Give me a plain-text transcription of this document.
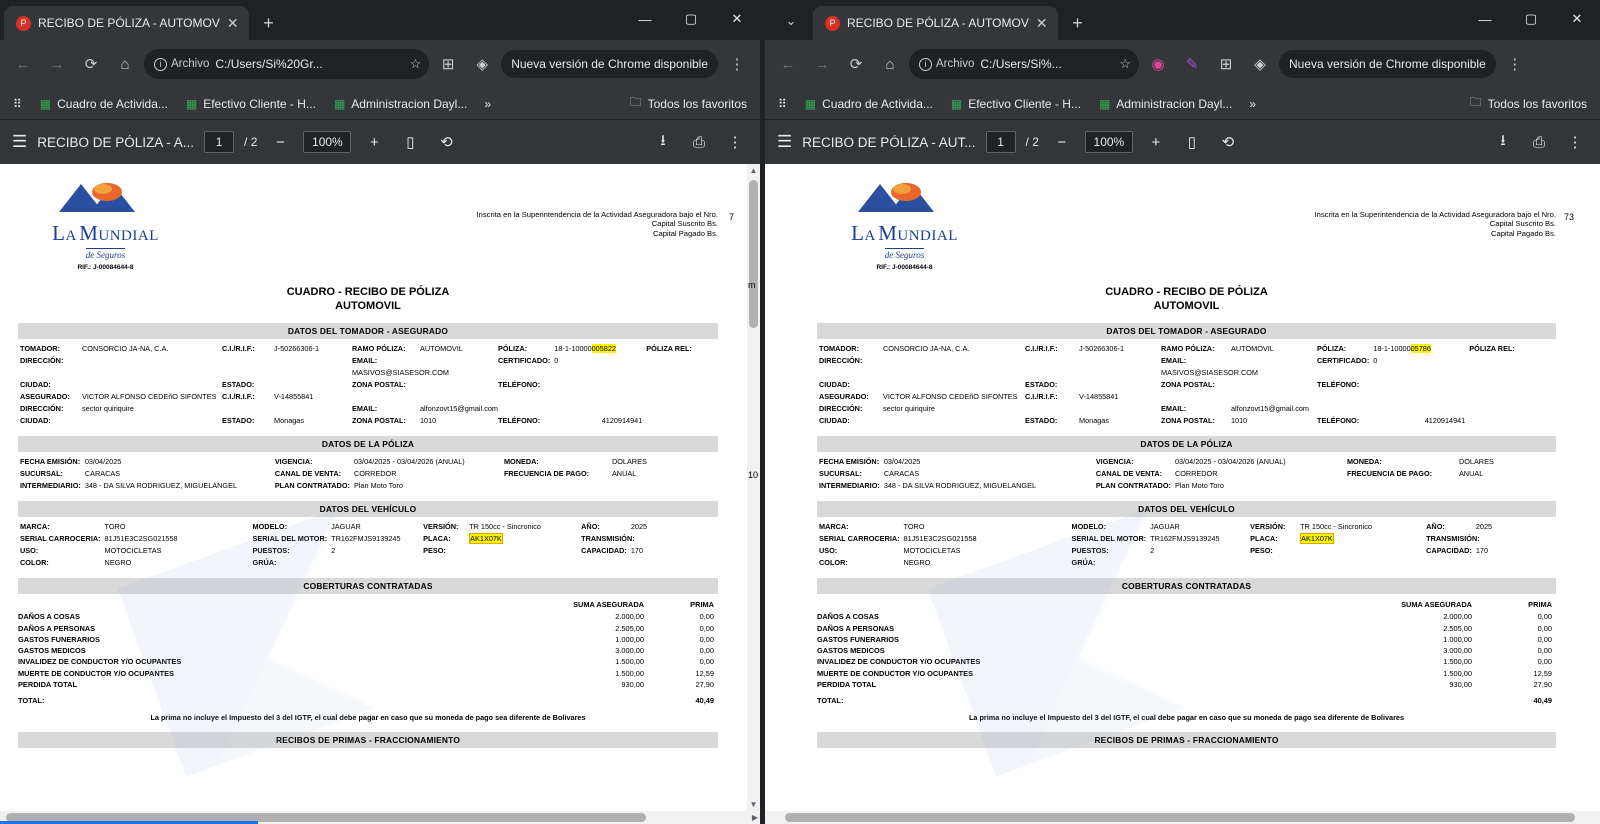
P RECIBO DE PÓLIZA - AUTOMOV ✕	+	—	▢	✕
←	→	⟳	⌂	i Archivo C:/Users/Si%20Gr...	☆	⊞	◈	Nueva versión de Chrome disponible	⋮
⠿	▦ Cuadro de Activida... ▦ Efectivo Cliente - H... ▦ Administracion Dayl...	»	🗀 Todos los favoritos
☰ RECIBO DE PÓLIZA - A...	1	/ 2	−	100%	+	▯	⟲	⭳	⎙	⋮
LA MUNDIAL
de Seguros
RIF.: J-00084644-8
Inscrita en la Superintendencia de la Actividad Aseguradora bajo el Nro.
Capital Suscrito Bs.
Capital Pagado Bs.
7
CUADRO - RECIBO DE PÓLIZA
AUTOMOVIL
DATOS DEL TOMADOR - ASEGURADO
TOMADOR:	CONSORCIO JA-NA, C.A.	C.I./R.I.F.:	J-50266306-1	RAMO PÓLIZA:	AUTOMOVIL	PÓLIZA:	18-1-10000005822	PÓLIZA REL:
DIRECCIÓN:				EMAIL:		CERTIFICADO:	0	
				MASIVOS@SIASESOR.COM				
CIUDAD:		ESTADO:		ZONA POSTAL:		TELÉFONO:		
ASEGURADO:	VICTOR ALFONSO CEDEñO SIFONTES	C.I./R.I.F.:	V-14855841					
DIRECCIÓN:	sector quiriquire			EMAIL:	alfonzovt15@gmail.com			
CIUDAD:		ESTADO:	Monagas	ZONA POSTAL:	1010	TELÉFONO:	4120914941	
DATOS DE LA PÓLIZA
FECHA EMISIÓN:	03/04/2025	VIGENCIA:	03/04/2025 - 03/04/2026 (ANUAL)	MONEDA:	DOLARES
SUCURSAL:	CARACAS	CANAL DE VENTA:	CORREDOR	FRECUENCIA DE PAGO:	ANUAL
INTERMEDIARIO:	348 - DA SILVA RODRIGUEZ, MIGUELANGEL	PLAN CONTRATADO:	Plan Moto Toro		
DATOS DEL VEHÍCULO
MARCA:	TORO	MODELO:	JAGUAR	VERSIÓN:	TR 150cc - Sincronico	AÑO:	2025
SERIAL CARROCERIA:	81J51E3C2SG021558	SERIAL DEL MOTOR:	TR162FMJS9139245	PLACA:	AK1X07K	TRANSMISIÓN:	
USO:	MOTOCICLETAS	PUESTOS:	2	PESO:		CAPACIDAD:	170
COLOR:	NEGRO	GRÚA:					
COBERTURAS CONTRATADAS
	SUMA ASEGURADA	PRIMA
DAÑOS A COSAS	2.000,00	0,00
DAÑOS A PERSONAS	2.505,00	0,00
GASTOS FUNERARIOS	1.000,00	0,00
GASTOS MEDICOS	3.000,00	0,00
INVALIDEZ DE CONDUCTOR Y/O OCUPANTES	1.500,00	0,00
MUERTE DE CONDUCTOR Y/O OCUPANTES	1.500,00	12,59
PERDIDA TOTAL	930,00	27,90
TOTAL:		40,49
La prima no incluye el Impuesto del 3 del IGTF, el cual debe pagar en caso que su moneda de pago sea diferente de Bolivares
RECIBOS DE PRIMAS - FRACCIONAMIENTO
▲
▼
▶
⌄	P RECIBO DE PÓLIZA - AUTOMOV ✕	+	—	▢	✕
←	→	⟳	⌂	i Archivo C:/Users/Si%...	☆	◉	✎	⊞	◈	Nueva versión de Chrome disponible	⋮
⠿	▦ Cuadro de Activida... ▦ Efectivo Cliente - H... ▦ Administracion Dayl...	»	🗀 Todos los favoritos
☰ RECIBO DE PÓLIZA - AUT...	1	/ 2	−	100%	+	▯	⟲	⭳	⎙	⋮
LA MUNDIAL
de Seguros
RIF.: J-00084644-8
Inscrita en la Superintendencia de la Actividad Aseguradora bajo el Nro.
Capital Suscrito Bs.
Capital Pagado Bs.
73
CUADRO - RECIBO DE PÓLIZA
AUTOMOVIL
DATOS DEL TOMADOR - ASEGURADO
TOMADOR:	CONSORCIO JA-NA, C.A.	C.I./R.I.F.:	J-50266306-1	RAMO PÓLIZA:	AUTOMOVIL	PÓLIZA:	18-1-1000005786	PÓLIZA REL:
DIRECCIÓN:				EMAIL:		CERTIFICADO:	0	
				MASIVOS@SIASESOR.COM				
CIUDAD:		ESTADO:		ZONA POSTAL:		TELÉFONO:		
ASEGURADO:	VICTOR ALFONSO CEDEñO SIFONTES	C.I./R.I.F.:	V-14855841					
DIRECCIÓN:	sector quiriquire			EMAIL:	alfonzovt15@gmail.com			
CIUDAD:		ESTADO:	Monagas	ZONA POSTAL:	1010	TELÉFONO:	4120914941	
DATOS DE LA PÓLIZA
FECHA EMISIÓN:	03/04/2025	VIGENCIA:	03/04/2025 - 03/04/2026 (ANUAL)	MONEDA:	DOLARES
SUCURSAL:	CARACAS	CANAL DE VENTA:	CORREDOR	FRECUENCIA DE PAGO:	ANUAL
INTERMEDIARIO:	348 - DA SILVA RODRIGUEZ, MIGUELANGEL	PLAN CONTRATADO:	Plan Moto Toro		
DATOS DEL VEHÍCULO
MARCA:	TORO	MODELO:	JAGUAR	VERSIÓN:	TR 150cc - Sincronico	AÑO:	2025
SERIAL CARROCERIA:	81J51E3C2SG021558	SERIAL DEL MOTOR:	TR162FMJS9139245	PLACA:	AK1X07K	TRANSMISIÓN:	
USO:	MOTOCICLETAS	PUESTOS:	2	PESO:		CAPACIDAD:	170
COLOR:	NEGRO	GRÚA:					
COBERTURAS CONTRATADAS
	SUMA ASEGURADA	PRIMA
DAÑOS A COSAS	2.000,00	0,00
DAÑOS A PERSONAS	2.505,00	0,00
GASTOS FUNERARIOS	1.000,00	0,00
GASTOS MEDICOS	3.000,00	0,00
INVALIDEZ DE CONDUCTOR Y/O OCUPANTES	1.500,00	0,00
MUERTE DE CONDUCTOR Y/O OCUPANTES	1.500,00	12,59
PERDIDA TOTAL	930,00	27,90
TOTAL:		40,49
La prima no incluye el Impuesto del 3 del IGTF, el cual debe pagar en caso que su moneda de pago sea diferente de Bolivares
RECIBOS DE PRIMAS - FRACCIONAMIENTO
m
10
